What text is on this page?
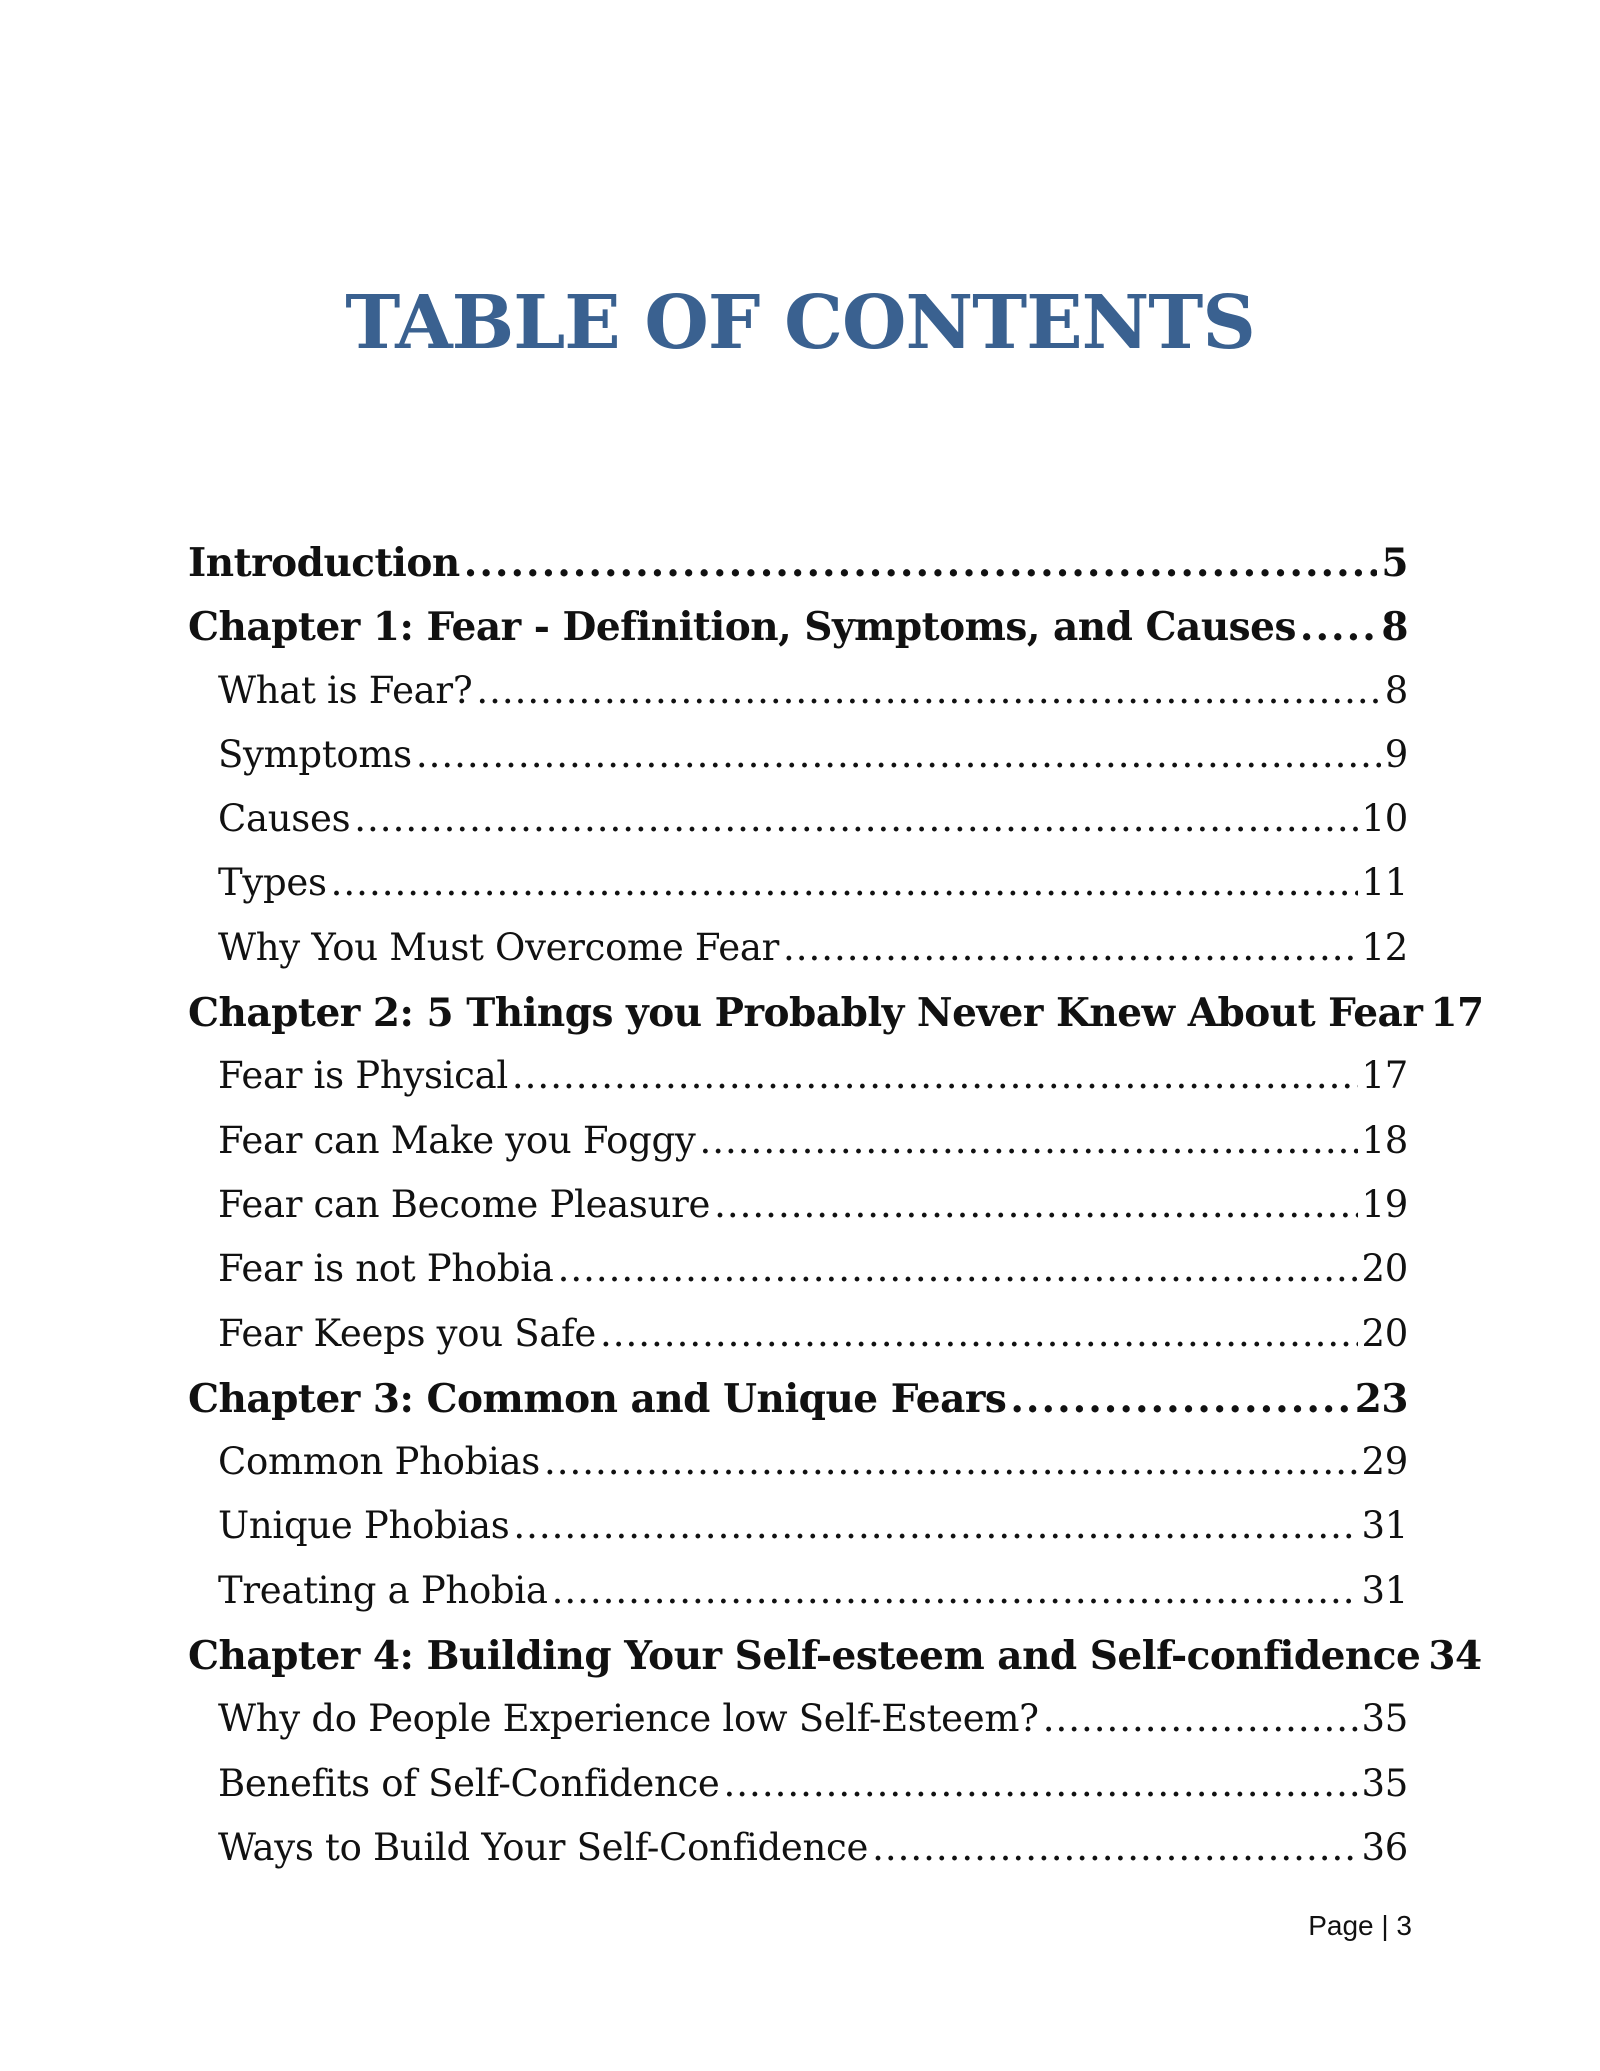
TABLE OF CONTENTS
Introduction .....	5
Chapter 1: Fear - Definition, Symptoms, and Causes ..... 8
What is Fear? .....	8
Symptoms .....	9
Causes .....	10
Types .....	11
Why You Must Overcome Fear .....	12
Chapter 2: 5 Things you Probably Never Knew About Fear 17
Fear is Physical .....	17
Fear can Make you Foggy .....	18
Fear can Become Pleasure .....	19
Fear is not Phobia .....	20
Fear Keeps you Safe .....	20
Chapter 3: Common and Unique Fears .....	23
Common Phobias .....	29
Unique Phobias .....	31
Treating a Phobia .....	31
Chapter 4: Building Your Self-esteem and Self-confidence 34
Why do People Experience low Self-Esteem? .....	35
Benefits of Self-Confidence .....	35
Ways to Build Your Self-Confidence .....	36
Page | 3
